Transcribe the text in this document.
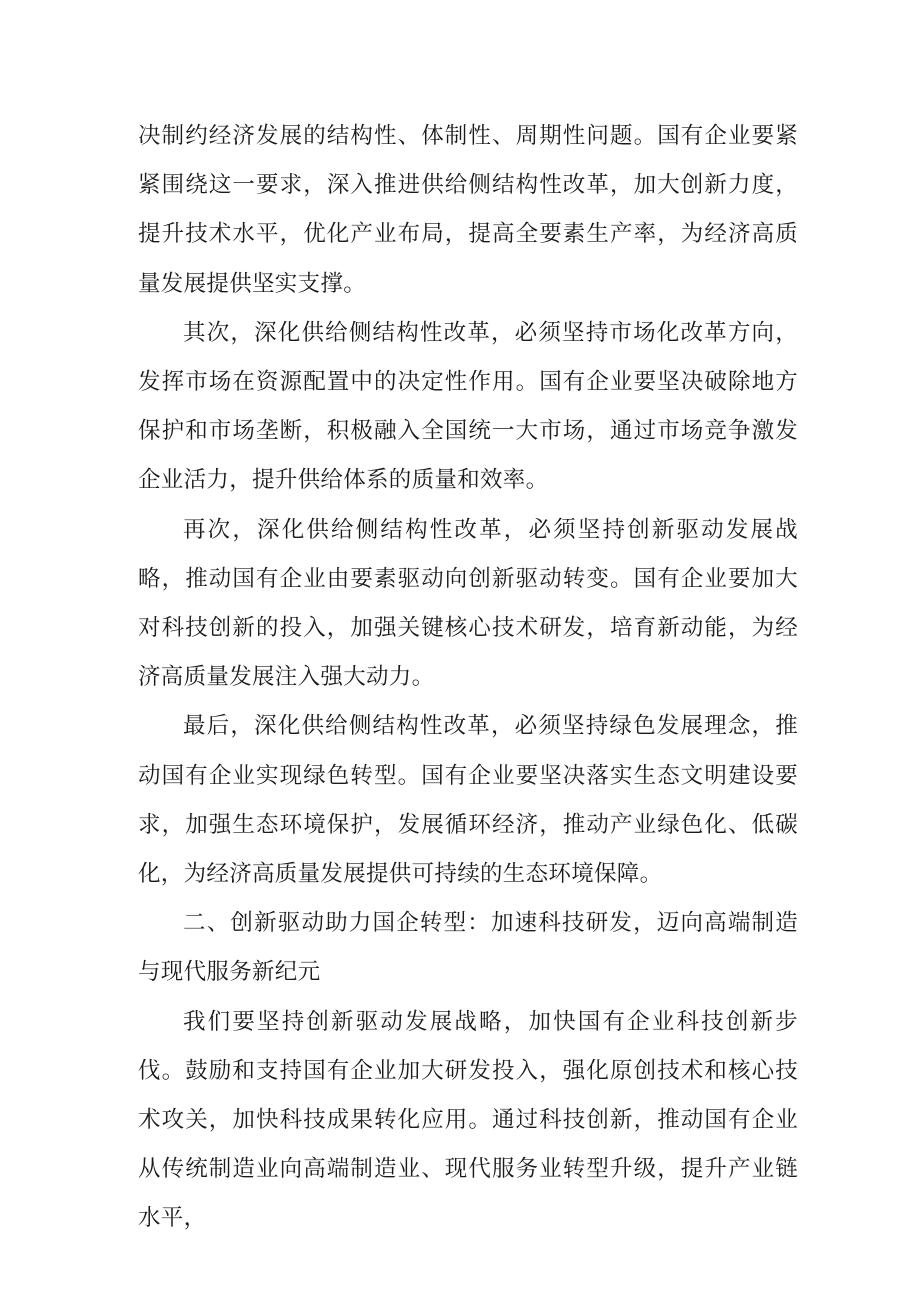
决制约经济发展的结构性、体制性、周期性问题。国有企业要紧紧围绕这一要求，深入推进供给侧结构性改革，加大创新力度，提升技术水平，优化产业布局，提高全要素生产率，为经济高质量发展提供坚实支撑。

其次，深化供给侧结构性改革，必须坚持市场化改革方向，发挥市场在资源配置中的决定性作用。国有企业要坚决破除地方保护和市场垄断，积极融入全国统一大市场，通过市场竞争激发企业活力，提升供给体系的质量和效率。

再次，深化供给侧结构性改革，必须坚持创新驱动发展战略，推动国有企业由要素驱动向创新驱动转变。国有企业要加大对科技创新的投入，加强关键核心技术研发，培育新动能，为经济高质量发展注入强大动力。

最后，深化供给侧结构性改革，必须坚持绿色发展理念，推动国有企业实现绿色转型。国有企业要坚决落实生态文明建设要求，加强生态环境保护，发展循环经济，推动产业绿色化、低碳化，为经济高质量发展提供可持续的生态环境保障。

二、创新驱动助力国企转型：加速科技研发，迈向高端制造与现代服务新纪元

我们要坚持创新驱动发展战略，加快国有企业科技创新步伐。鼓励和支持国有企业加大研发投入，强化原创技术和核心技术攻关，加快科技成果转化应用。通过科技创新，推动国有企业从传统制造业向高端制造业、现代服务业转型升级，提升产业链水平，
